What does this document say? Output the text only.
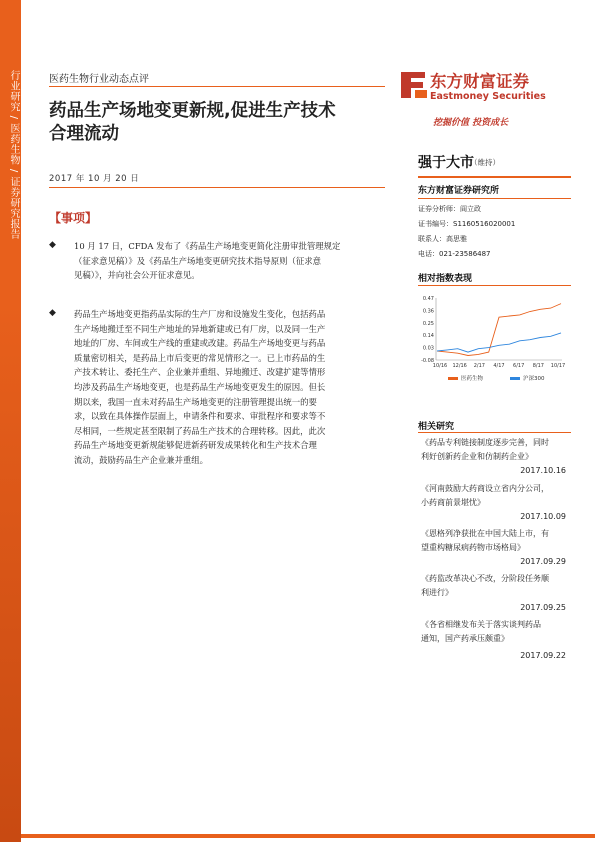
行业研究 / 医药生物 / 证券研究报告	医药生物行业动态点评
药品生产场地变更新规,促进生产技术
合理流动
2017 年 10 月 20 日
【事项】
◆ 10 月 17 日，CFDA 发布了《药品生产场地变更简化注册审批管理规定
（征求意见稿）》及《药品生产场地变更研究技术指导原则（征求意
见稿）》，并向社会公开征求意见。
◆ 药品生产场地变更指药品实际的生产厂房和设施发生变化，包括药品
生产场地搬迁至不同生产地址的异地新建或已有厂房，以及同一生产
地址的厂房、车间或生产线的重建或改建。药品生产场地变更与药品
质量密切相关，是药品上市后变更的常见情形之一。已上市药品的生
产技术转让、委托生产、企业兼并重组、异地搬迁、改建扩建等情形
均涉及药品生产场地变更，也是药品生产场地变更发生的原因。但长
期以来，我国一直未对药品生产场地变更的注册管理提出统一的要
求，以致在具体操作层面上，申请条件和要求、审批程序和要求等不
尽相同，一些规定甚至限制了药品生产技术的合理转移。因此，此次
药品生产场地变更新规能够促进新药研发成果转化和生产技术合理
流动，鼓励药品生产企业兼并重组。
东方财富证券
Eastmoney Securities
挖掘价值 投资成长
强于大市
（维持）
东方财富证券研究所
证券分析师：阎立政
证书编号：S1160516020001
联系人：高思雅
电话：021-23586487
相对指数表现
0.47
0.36
0.25
0.14
0.03
-0.08
10/16 12/16 2/17 4/17 6/17 8/17 10/17
医药生物	沪深300
相关研究
《药品专利链接制度逐步完善，同时
利好创新药企业和仿制药企业》
2017.10.16
《河南鼓励大药商设立省内分公司，
小药商前景堪忧》
2017.10.09
《恩格列净获批在中国大陆上市，有
望重构糖尿病药物市场格局》
2017.09.29
《药监改革决心不改，分阶段任务顺
利进行》
2017.09.25
《各省相继发布关于落实谈判药品
通知，国产药承压颇重》
2017.09.22
